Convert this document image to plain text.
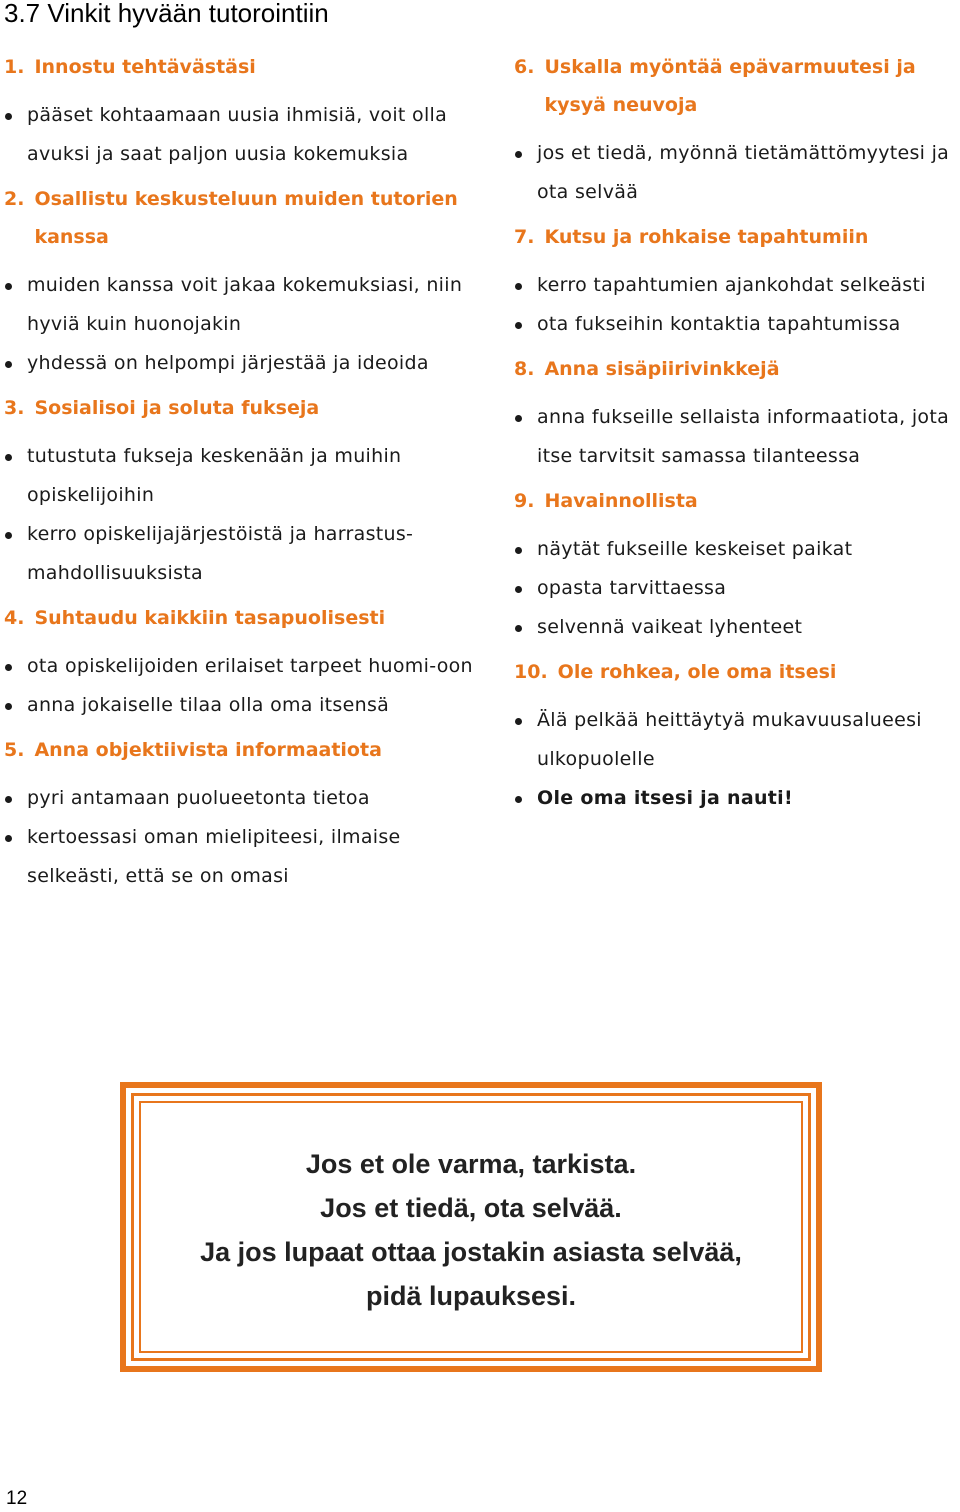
3.7 Vinkit hyvään tutorointiin
1. Innostu tehtävästäsi
pääset kohtaamaan uusia ihmisiä, voit olla avuksi ja saat paljon uusia kokemuksia
2. Osallistu keskusteluun muiden tutorien kanssa
muiden kanssa voit jakaa kokemuksiasi, niin hyviä kuin huonojakin
yhdessä on helpompi järjestää ja ideoida
3. Sosialisoi ja soluta fukseja
tutustuta fukseja keskenään ja muihin opiskelijoihin
kerro opiskelijajärjestöistä ja harrastus-mahdollisuuksista
4. Suhtaudu kaikkiin tasapuolisesti
ota opiskelijoiden erilaiset tarpeet huomi-oon
anna jokaiselle tilaa olla oma itsensä
5. Anna objektiivista informaatiota
pyri antamaan puolueetonta tietoa
kertoessasi oman mielipiteesi, ilmaise selkeästi, että se on omasi
6. Uskalla myöntää epävarmuutesi ja kysyä neuvoja
jos et tiedä, myönnä tietämättömyytesi ja ota selvää
7. Kutsu ja rohkaise tapahtumiin
kerro tapahtumien ajankohdat selkeästi
ota fukseihin kontaktia tapahtumissa
8. Anna sisäpiirivinkkejä
anna fukseille sellaista informaatiota, jota itse tarvitsit samassa tilanteessa
9. Havainnollista
näytät fukseille keskeiset paikat
opasta tarvittaessa
selvennä vaikeat lyhenteet
10. Ole rohkea, ole oma itsesi
Älä pelkää heittäytyä mukavuusalueesi ulkopuolelle
Ole oma itsesi ja nauti!
Jos et ole varma, tarkista.
Jos et tiedä, ota selvää.
Ja jos lupaat ottaa jostakin asiasta selvää,
pidä lupauksesi.
12
